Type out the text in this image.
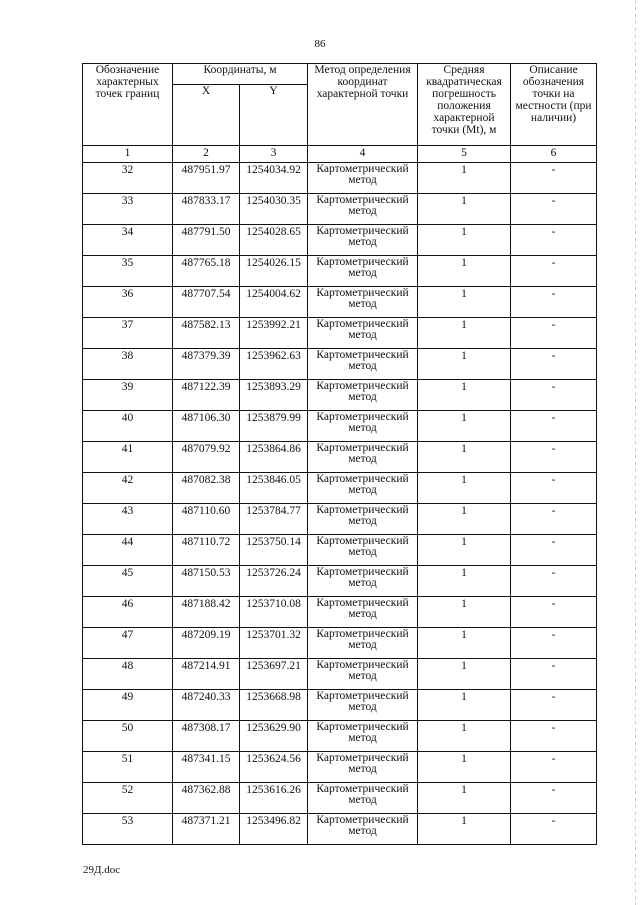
86
Обозначение характерных точек границ	Координаты, м		Метод определения координат характерной точки	Средняя квадратическая погрешность положения характерной точки (Mt), м	Описание обозначения точки на местности (при наличии)
	X	Y			
1	2	3	4	5	6
32	487951.97	1254034.92	Картометрический метод	1	-
33	487833.17	1254030.35	Картометрический метод	1	-
34	487791.50	1254028.65	Картометрический метод	1	-
35	487765.18	1254026.15	Картометрический метод	1	-
36	487707.54	1254004.62	Картометрический метод	1	-
37	487582.13	1253992.21	Картометрический метод	1	-
38	487379.39	1253962.63	Картометрический метод	1	-
39	487122.39	1253893.29	Картометрический метод	1	-
40	487106.30	1253879.99	Картометрический метод	1	-
41	487079.92	1253864.86	Картометрический метод	1	-
42	487082.38	1253846.05	Картометрический метод	1	-
43	487110.60	1253784.77	Картометрический метод	1	-
44	487110.72	1253750.14	Картометрический метод	1	-
45	487150.53	1253726.24	Картометрический метод	1	-
46	487188.42	1253710.08	Картометрический метод	1	-
47	487209.19	1253701.32	Картометрический метод	1	-
48	487214.91	1253697.21	Картометрический метод	1	-
49	487240.33	1253668.98	Картометрический метод	1	-
50	487308.17	1253629.90	Картометрический метод	1	-
51	487341.15	1253624.56	Картометрический метод	1	-
52	487362.88	1253616.26	Картометрический метод	1	-
53	487371.21	1253496.82	Картометрический метод	1	-
29Д.doc
